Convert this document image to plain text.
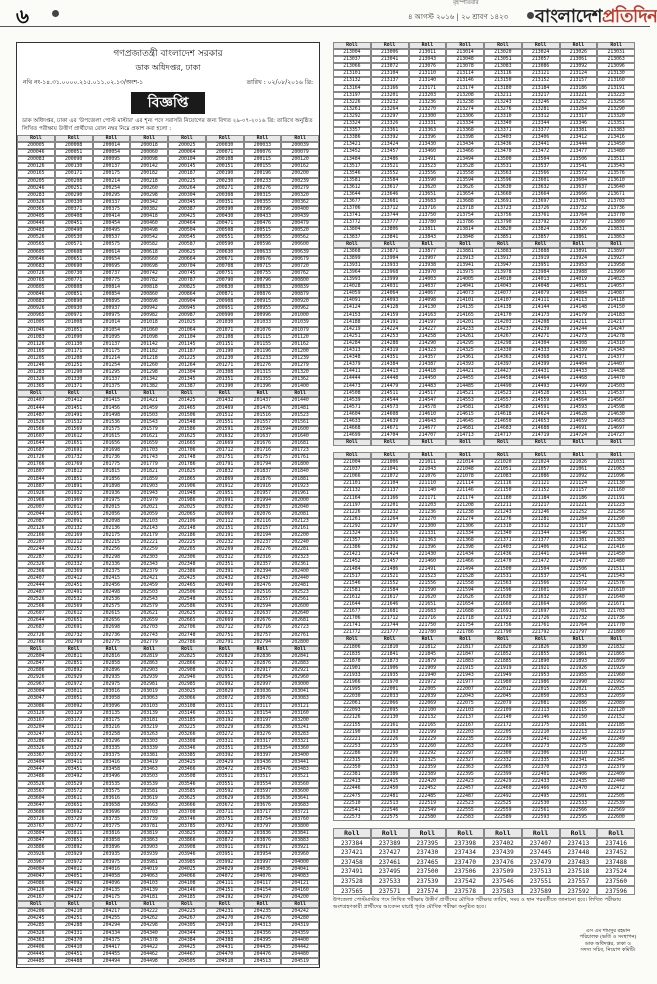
৬
বৃহস্পতিবার
৪ আগস্ট ২০১৬ | ২০ শ্রাবণ ১৪২৩ বাংলাদেশপ্রতিদিন
গণপ্রজাতন্ত্রী বাংলাদেশ সরকার
ডাক অধিদপ্তর, ঢাকা
নথি নং-১৪.৩১.০০০০.২১৫.০১১.০২.১৩/অংশ-১	তারিখ : ০২/০৮/২০১৬ খ্রি:
বিজ্ঞপ্তি
ডাক অধিদপ্তর, ঢাকা এর 'উপজেলা পোস্ট মাস্টার' এর শূন্য পদে সরাসরি নিয়োগের জন্য বিগত ২৯-০৭-২০১৬ খ্রি: তারিখে অনুষ্ঠিত লিখিত পরীক্ষায় উত্তীর্ণ প্রার্থীদের রোল নম্বর নিম্নে প্রকাশ করা হলো :
Roll	Roll	Roll	Roll	Roll	Roll	Roll	Roll
200005	200008	200014	200018	200025	200030	200033	200039
200046	200051	200054	200060	200064	200071	200076	200079
200083	200090	200095	200098	200104	200108	200115	200120
200126	200130	200137	200142	200145	200151	200155	200162
200165	200171	200175	200182	200187	200190	200196	200200
200205	200208	200214	200218	200225	200230	200233	200239
200246	200251	200254	200260	200264	200271	200276	200279
200283	200290	200295	200298	200304	200308	200315	200320
200326	200330	200337	200342	200345	200351	200355	200362
200365	200371	200375	200382	200387	200390	200396	200400
200405	200408	200414	200418	200425	200430	200433	200439
200446	200451	200454	200460	200464	200471	200476	200479
200483	200490	200495	200498	200504	200508	200515	200520
200526	200530	200537	200542	200545	200551	200555	200562
200565	200571	200575	200582	200587	200590	200596	200600
200605	200608	200614	200618	200625	200630	200633	200639
200646	200651	200654	200660	200664	200671	200676	200679
200683	200690	200695	200698	200704	200708	200715	200720
200726	200730	200737	200742	200745	200751	200755	200762
200765	200771	200775	200782	200787	200790	200796	200800
200805	200808	200814	200818	200825	200830	200833	200839
200846	200851	200854	200860	200864	200871	200876	200879
200883	200890	200895	200898	200904	200908	200915	200920
200926	200930	200937	200942	200945	200951	200955	200962
200965	200971	200975	200982	200987	200990	200996	201000
201005	201008	201014	201018	201025	201030	201033	201039
201046	201051	201054	201060	201064	201071	201076	201079
201083	201090	201095	201098	201104	201108	201115	201120
201126	201130	201137	201142	201145	201151	201155	201162
201165	201171	201175	201182	201187	201190	201196	201200
201205	201208	201214	201218	201225	201230	201233	201239
201246	201251	201254	201260	201264	201271	201276	201279
201283	201290	201295	201298	201304	201308	201315	201320
201326	201330	201337	201342	201345	201351	201355	201362
201365	201371	201375	201382	201387	201390	201396	201400
Roll	Roll	Roll	Roll	Roll	Roll	Roll	Roll
201407	201412	201415	201421	201425	201432	201437	201440
201444	201451	201456	201459	201465	201469	201476	201481
201487	201491	201498	201503	201506	201512	201516	201523
201526	201532	201536	201543	201548	201551	201557	201561
201566	201569	201575	201579	201586	201591	201594	201600
201607	201612	201615	201621	201625	201632	201637	201640
201644	201651	201656	201659	201665	201669	201676	201681
201687	201691	201698	201703	201706	201712	201716	201723
201726	201732	201736	201743	201748	201751	201757	201761
201766	201769	201775	201779	201786	201791	201794	201800
201807	201812	201815	201821	201825	201832	201837	201840
201844	201851	201856	201859	201865	201869	201876	201881
201887	201891	201898	201903	201906	201912	201916	201923
201926	201932	201936	201943	201948	201951	201957	201961
201966	201969	201975	201979	201986	201991	201994	202000
202007	202012	202015	202021	202025	202032	202037	202040
202044	202051	202056	202059	202065	202069	202076	202081
202087	202091	202098	202103	202106	202112	202116	202123
202126	202132	202136	202143	202148	202151	202157	202161
202166	202169	202175	202179	202186	202191	202194	202200
202207	202212	202215	202221	202225	202232	202237	202240
202244	202251	202256	202259	202265	202269	202276	202281
202287	202291	202298	202303	202306	202312	202316	202323
202326	202332	202336	202343	202348	202351	202357	202361
202366	202369	202375	202379	202386	202391	202394	202400
202407	202412	202415	202421	202425	202432	202437	202440
202444	202451	202456	202459	202465	202469	202476	202481
202487	202491	202498	202503	202506	202512	202516	202523
202526	202532	202536	202543	202548	202551	202557	202561
202566	202569	202575	202579	202586	202591	202594	202600
202607	202612	202615	202621	202625	202632	202637	202640
202644	202651	202656	202659	202665	202669	202676	202681
202687	202691	202698	202703	202706	202712	202716	202723
202726	202732	202736	202743	202748	202751	202757	202761
202766	202769	202775	202779	202786	202791	202794	202800
Roll	Roll	Roll	Roll	Roll	Roll	Roll	Roll
202804	202811	202816	202819	202825	202829	202836	202841
202847	202851	202858	202863	202866	202872	202876	202883
202886	202892	202896	202903	202908	202911	202917	202921
202926	202929	202935	202939	202946	202951	202954	202960
202967	202972	202975	202981	202985	202992	202997	203000
203004	203011	203016	203019	203025	203029	203036	203041
203047	203051	203058	203063	203066	203072	203076	203083
203086	203092	203096	203103	203108	203111	203117	203121
203126	203129	203135	203139	203146	203151	203154	203160
203167	203172	203175	203181	203185	203192	203197	203200
203204	203211	203216	203219	203225	203229	203236	203241
203247	203251	203258	203263	203266	203272	203276	203283
203286	203292	203296	203303	203308	203311	203317	203321
203326	203329	203335	203339	203346	203351	203354	203360
203367	203372	203375	203381	203385	203392	203397	203400
203404	203411	203416	203419	203425	203429	203436	203441
203447	203451	203458	203463	203466	203472	203476	203483
203486	203492	203496	203503	203508	203511	203517	203521
203526	203529	203535	203539	203546	203551	203554	203560
203567	203572	203575	203581	203585	203592	203597	203600
203604	203611	203616	203619	203625	203629	203636	203641
203647	203651	203658	203663	203666	203672	203676	203683
203686	203692	203696	203703	203708	203711	203717	203721
203726	203729	203735	203739	203746	203751	203754	203760
203767	203772	203775	203781	203785	203792	203797	203800
203804	203811	203816	203819	203825	203829	203836	203841
203847	203851	203858	203863	203866	203872	203876	203883
203886	203892	203896	203903	203908	203911	203917	203921
203926	203929	203935	203939	203946	203951	203954	203960
203967	203972	203975	203981	203985	203992	203997	204000
204004	204011	204016	204019	204025	204029	204036	204041
204047	204051	204058	204063	204066	204072	204076	204083
204086	204092	204096	204103	204108	204111	204117	204121
204126	204129	204135	204139	204146	204151	204154	204160
204167	204172	204175	204181	204185	204192	204197	204200
Roll	Roll	Roll	Roll	Roll	Roll	Roll	Roll
204206	204210	204217	204222	204225	204231	204235	204242
204245	204251	204255	204262	204267	204270	204276	204280
204285	204288	204294	204298	204305	204310	204313	204319
204326	204331	204334	204340	204344	204351	204356	204359
204363	204370	204375	204378	204384	204388	204395	204400
204406	204410	204417	204422	204425	204431	204435	204442
204445	204451	204455	204462	204467	204470	204476	204480
204485	204488	204494	204498	204505	204510	204513	204519
Roll	Roll	Roll	Roll	Roll	Roll	Roll	Roll
213004	213006	213011	213014	213020	213024	213026	213031
213037	213041	213043	213048	213051	213057	213061	213063
213066	213072	213076	213078	213083	213086	213092	213096
213101	213104	213110	213114	213116	213121	213124	213130
213132	213137	213140	213146	213150	213152	213157	213160
213164	213166	213171	213174	213180	213184	213186	213191
213197	213201	213203	213208	213211	213217	213221	213223
213226	213232	213236	213238	213243	213246	213252	213256
213261	213264	213270	213274	213276	213281	213284	213290
213292	213297	213300	213306	213310	213312	213317	213320
213324	213326	213331	213334	213340	213344	213346	213351
213357	213361	213363	213368	213371	213377	213381	213383
213386	213392	213396	213398	213403	213406	213412	213416
213421	213424	213430	213434	213436	213441	213444	213450
213452	213457	213460	213466	213470	213472	213477	213480
213484	213486	213491	213494	213500	213504	213506	213511
213517	213521	213523	213528	213531	213537	213541	213543
213546	213552	213556	213558	213563	213566	213572	213576
213581	213584	213590	213594	213596	213601	213604	213610
213612	213617	213620	213626	213630	213632	213637	213640
213644	213646	213651	213654	213660	213664	213666	213671
213677	213681	213683	213688	213691	213697	213701	213703
213706	213712	213716	213718	213723	213726	213732	213736
213741	213744	213750	213754	213756	213761	213764	213770
213772	213777	213780	213786	213790	213792	213797	213800
213804	213806	213811	213814	213820	213824	213826	213831
213837	213841	213843	213848	213851	213857	213861	213863
Roll	Roll	Roll	Roll	Roll	Roll	Roll	Roll
213868	213871	213877	213881	213883	213888	213891	213897
213899	213904	213907	213913	213917	213919	213924	213927
213931	213933	213938	213941	213947	213951	213953	213958
213964	213968	213970	213975	213978	213984	213988	213990
213993	213999	214003	214005	214010	214013	214019	214023
214028	214031	214037	214041	214043	214048	214051	214057
214059	214064	214067	214073	214077	214079	214084	214087
214091	214093	214098	214101	214107	214111	214113	214118
214124	214128	214130	214135	214138	214144	214148	214150
214153	214159	214163	214165	214170	214173	214179	214183
214188	214191	214197	214201	214203	214208	214211	214217
214219	214224	214227	214233	214237	214239	214244	214247
214251	214253	214258	214261	214267	214271	214273	214278
214284	214288	214290	214295	214298	214304	214308	214310
214313	214319	214323	214325	214330	214333	214339	214343
214348	214351	214357	214361	214363	214368	214371	214377
214379	214384	214387	214393	214397	214399	214404	214407
214411	214413	214418	214421	214427	214431	214433	214438
214444	214448	214450	214455	214458	214464	214468	214470
214473	214479	214483	214485	214490	214493	214499	214503
214508	214511	214517	214521	214523	214528	214531	214537
214539	214544	214547	214553	214557	214559	214564	214567
214571	214573	214578	214581	214587	214591	214593	214598
214604	214608	214610	214615	214618	214624	214628	214630
214633	214639	214643	214645	214650	214653	214659	214663
214668	214671	214677	214681	214683	214688	214691	214697
214699	214704	214707	214713	214717	214719	214724	214727
Roll	Roll	Roll	Roll	Roll	Roll	Roll	Roll
Roll	Roll	Roll	Roll	Roll	Roll	Roll	Roll
221004	221006	221011	221014	221020	221024	221026	221031
221037	221041	221043	221048	221051	221057	221061	221063
221066	221072	221076	221078	221083	221086	221092	221096
221101	221104	221110	221114	221116	221121	221124	221130
221132	221137	221140	221146	221150	221152	221157	221160
221164	221166	221171	221174	221180	221184	221186	221191
221197	221201	221203	221208	221211	221217	221221	221223
221226	221232	221236	221238	221243	221246	221252	221256
221261	221264	221270	221274	221276	221281	221284	221290
221292	221297	221300	221306	221310	221312	221317	221320
221324	221326	221331	221334	221340	221344	221346	221351
221357	221361	221363	221368	221371	221377	221381	221383
221386	221392	221396	221398	221403	221406	221412	221416
221421	221424	221430	221434	221436	221441	221444	221450
221452	221457	221460	221466	221470	221472	221477	221480
221484	221486	221491	221494	221500	221504	221506	221511
221517	221521	221523	221528	221531	221537	221541	221543
221546	221552	221556	221558	221563	221566	221572	221576
221581	221584	221590	221594	221596	221601	221604	221610
221612	221617	221620	221626	221630	221632	221637	221640
221644	221646	221651	221654	221660	221664	221666	221671
221677	221681	221683	221688	221691	221697	221701	221703
221706	221712	221716	221718	221723	221726	221732	221736
221741	221744	221750	221754	221756	221761	221764	221770
221772	221777	221780	221786	221790	221792	221797	221800
Roll	Roll	Roll	Roll	Roll	Roll	Roll	Roll
221806	221810	221812	221817	221820	221826	221830	221832
221835	221841	221845	221847	221852	221855	221861	221865
221870	221873	221879	221883	221885	221890	221893	221899
221901	221906	221909	221915	221919	221921	221926	221929
221933	221935	221940	221943	221949	221953	221955	221960
221966	221970	221972	221977	221980	221986	221990	221992
221995	222001	222005	222007	222012	222015	222021	222025
222030	222033	222039	222043	222045	222050	222053	222059
222061	222066	222069	222075	222079	222081	222086	222089
222093	222095	222100	222103	222109	222113	222115	222120
222126	222130	222132	222137	222140	222146	222150	222152
222155	222161	222165	222167	222172	222175	222181	222185
222190	222193	222199	222203	222205	222210	222213	222219
222221	222226	222229	222235	222239	222241	222246	222249
222253	222255	222260	222263	222269	222273	222275	222280
222286	222290	222292	222297	222300	222306	222310	222312
222315	222321	222325	222327	222332	222335	222341	222345
222350	222353	222359	222363	222365	222370	222373	222379
222381	222386	222389	222395	222399	222401	222406	222409
222413	222415	222420	222423	222429	222433	222435	222440
222446	222450	222452	222457	222460	222466	222470	222472
222475	222481	222485	222487	222492	222495	222501	222505
222510	222513	222519	222523	222525	222530	222533	222539
222541	222546	222549	222555	222559	222561	222566	222569
222573	222575	222580	222583	222589	222593	222595	222600
Roll	Roll	Roll	Roll	Roll	Roll	Roll	Roll
237384	237389	237395	237398	237402	237407	237413	237416
237421	237427	237430	237434	237439	237445	237448	237452
237458	237461	237465	237470	237476	237479	237483	237488
237491	237495	237500	237506	237509	237513	237518	237524
237528	237533	237539	237542	237546	237551	237557	237560
237565	237571	237574	237578	237583	237589	237592	237596
উপজেলা পোস্টমাস্টার পদে লিখিত পরীক্ষায় উত্তীর্ণ প্রার্থীদের মৌখিক পরীক্ষার তারিখ, সময় ও স্থান পরবর্তীতে জানানো হবে। লিখিত পরীক্ষায় অংশগ্রহণকারী প্রার্থীদের আবেদন যাচাই পূর্বক মৌখিক পরীক্ষা অনুষ্ঠিত হবে।
এস এম শামসুর রহমান
পরিচালক (ভর্তি ও সংস্থাপন)
ডাক অধিদপ্তর, ঢাকা ও
সদস্য সচিব, নিয়োগ কমিটি।
